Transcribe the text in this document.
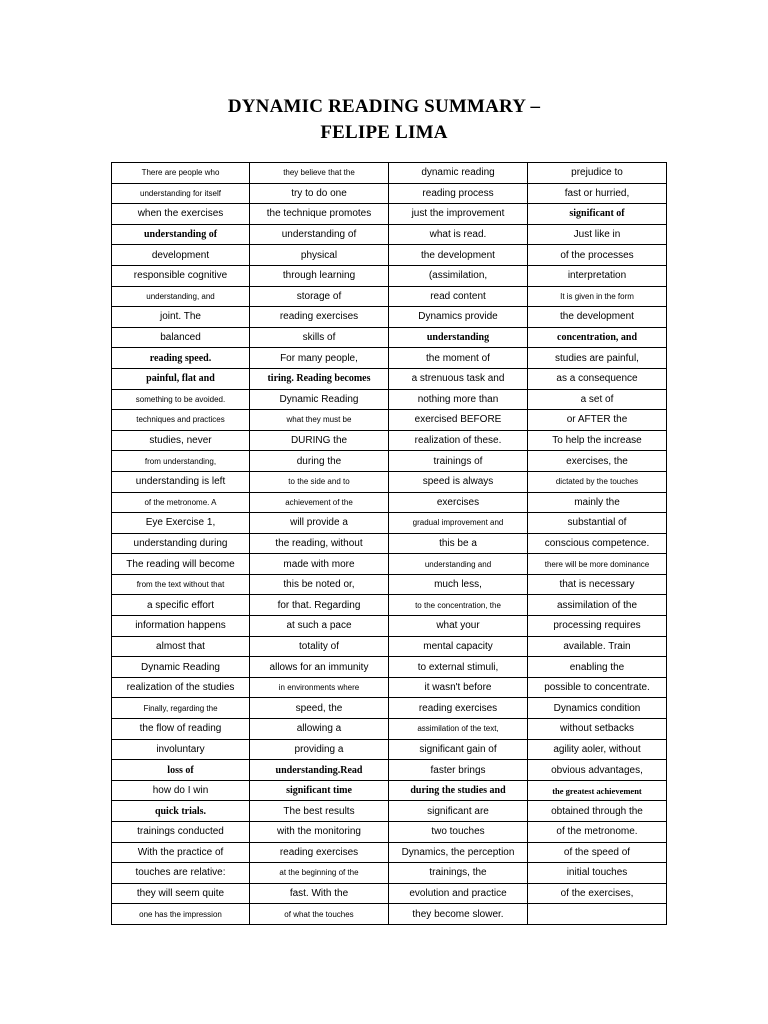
DYNAMIC READING SUMMARY –
FELIPE LIMA
There are people who	they believe that the	dynamic reading	prejudice to
understanding for itself	try to do one	reading process	fast or hurried,
when the exercises	the technique promotes	just the improvement	significant of
understanding of	understanding of	what is read.	Just like in
development	physical	the development	of the processes
responsible cognitive	through learning	(assimilation,	interpretation
understanding, and	storage of	read content	It is given in the form
joint. The	reading exercises	Dynamics provide	the development
balanced	skills of	understanding	concentration, and
reading speed.	For many people,	the moment of	studies are painful,
painful, flat and	tiring. Reading becomes	a strenuous task and	as a consequence
something to be avoided.	Dynamic Reading	nothing more than	a set of
techniques and practices	what they must be	exercised BEFORE	or AFTER the
studies, never	DURING the	realization of these.	To help the increase
from understanding,	during the	trainings of	exercises, the
understanding is left	to the side and to	speed is always	dictated by the touches
of the metronome. A	achievement of the	exercises	mainly the
Eye Exercise 1,	will provide a	gradual improvement and	substantial of
understanding during	the reading, without	this be a	conscious competence.
The reading will become	made with more	understanding and	there will be more dominance
from the text without that	this be noted or,	much less,	that is necessary
a specific effort	for that. Regarding	to the concentration, the	assimilation of the
information happens	at such a pace	what your	processing requires
almost that	totality of	mental capacity	available. Train
Dynamic Reading	allows for an immunity	to external stimuli,	enabling the
realization of the studies	in environments where	it wasn't before	possible to concentrate.
Finally, regarding the	speed, the	reading exercises	Dynamics condition
the flow of reading	allowing a	assimilation of the text,	without setbacks
involuntary	providing a	significant gain of	agility aoler, without
loss of	understanding.Read	faster brings	obvious advantages,
how do I win	significant time	during the studies and	the greatest achievement
quick trials.	The best results	significant are	obtained through the
trainings conducted	with the monitoring	two touches	of the metronome.
With the practice of	reading exercises	Dynamics, the perception	of the speed of
touches are relative:	at the beginning of the	trainings, the	initial touches
they will seem quite	fast. With the	evolution and practice	of the exercises,
one has the impression	of what the touches	they become slower.	
